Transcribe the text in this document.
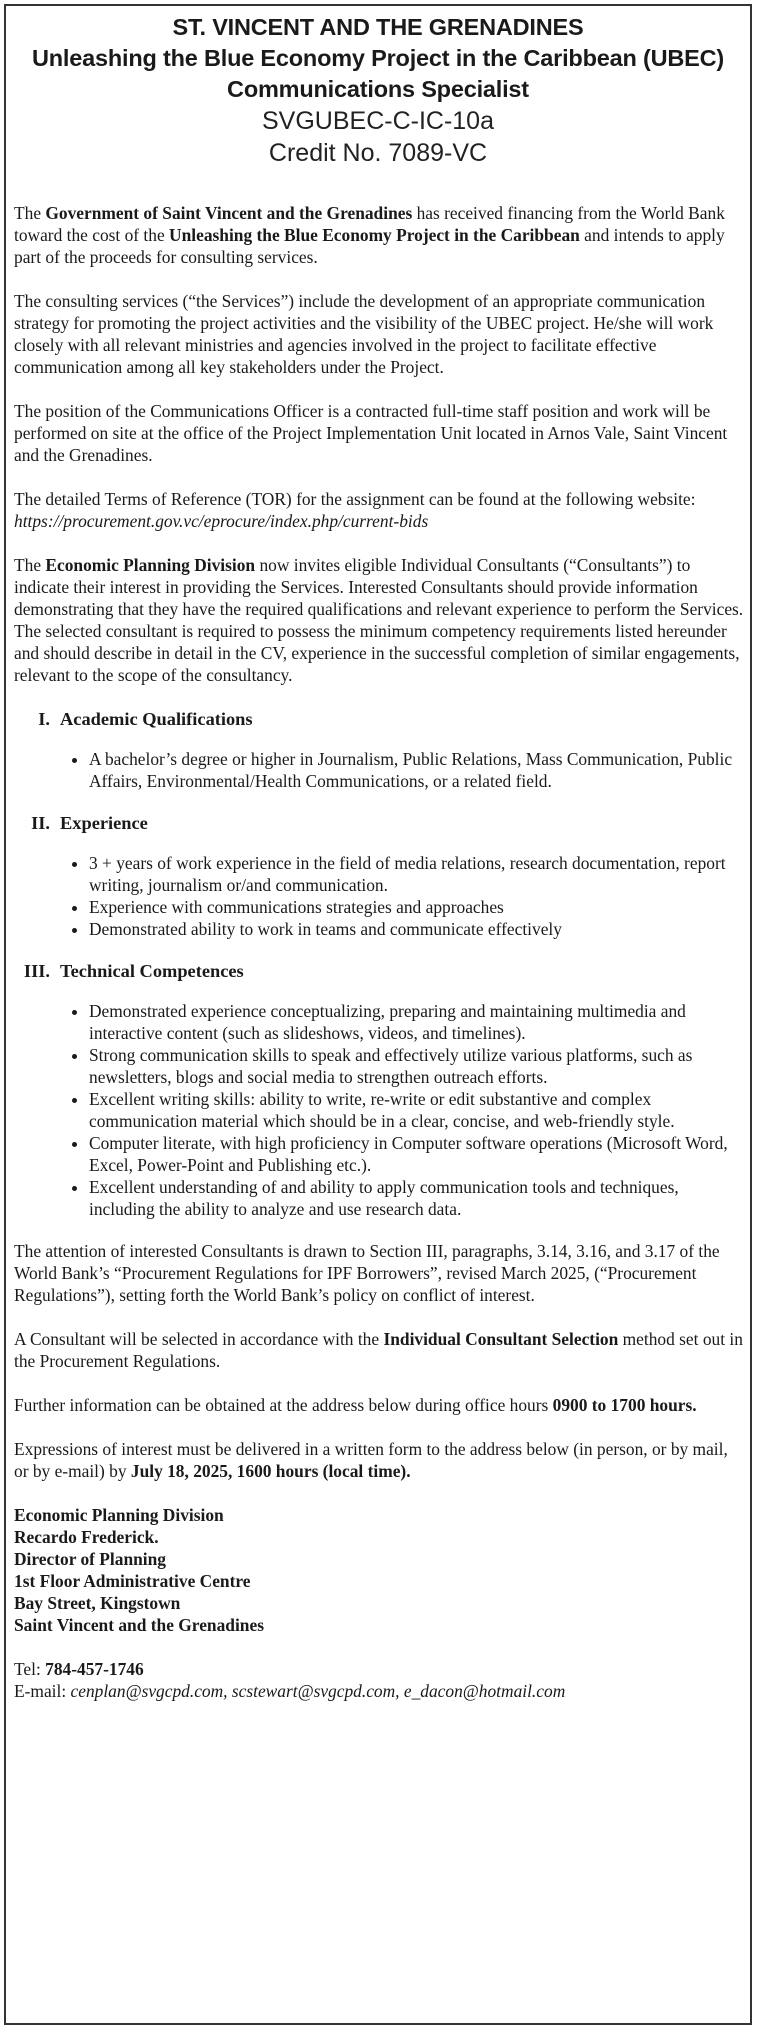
ST. VINCENT AND THE GRENADINES
Unleashing the Blue Economy Project in the Caribbean (UBEC)
Communications Specialist
SVGUBEC-C-IC-10a
Credit No. 7089-VC

The Government of Saint Vincent and the Grenadines has received financing from the World Bank toward the cost of the Unleashing the Blue Economy Project in the Caribbean and intends to apply part of the proceeds for consulting services.

The consulting services (“the Services”) include the development of an appropriate communication strategy for promoting the project activities and the visibility of the UBEC project. He/she will work closely with all relevant ministries and agencies involved in the project to facilitate effective communication among all key stakeholders under the Project.

The position of the Communications Officer is a contracted full-time staff position and work will be performed on site at the office of the Project Implementation Unit located in Arnos Vale, Saint Vincent and the Grenadines.

The detailed Terms of Reference (TOR) for the assignment can be found at the following website: https://procurement.gov.vc/eprocure/index.php/current-bids

The Economic Planning Division now invites eligible Individual Consultants (“Consultants”) to indicate their interest in providing the Services. Interested Consultants should provide information demonstrating that they have the required qualifications and relevant experience to perform the Services. The selected consultant is required to possess the minimum competency requirements listed hereunder and should describe in detail in the CV, experience in the successful completion of similar engagements, relevant to the scope of the consultancy.

I. Academic Qualifications
• A bachelor’s degree or higher in Journalism, Public Relations, Mass Communication, Public Affairs, Environmental/Health Communications, or a related field.
II. Experience
• 3 + years of work experience in the field of media relations, research documentation, report writing, journalism or/and communication.
• Experience with communications strategies and approaches
• Demonstrated ability to work in teams and communicate effectively
III. Technical Competences
• Demonstrated experience conceptualizing, preparing and maintaining multimedia and interactive content (such as slideshows, videos, and timelines).
• Strong communication skills to speak and effectively utilize various platforms, such as newsletters, blogs and social media to strengthen outreach efforts.
• Excellent writing skills: ability to write, re-write or edit substantive and complex communication material which should be in a clear, concise, and web-friendly style.
• Computer literate, with high proficiency in Computer software operations (Microsoft Word, Excel, Power-Point and Publishing etc.).
• Excellent understanding of and ability to apply communication tools and techniques, including the ability to analyze and use research data.

The attention of interested Consultants is drawn to Section III, paragraphs, 3.14, 3.16, and 3.17 of the World Bank’s “Procurement Regulations for IPF Borrowers”, revised March 2025, (“Procurement Regulations”), setting forth the World Bank’s policy on conflict of interest.

A Consultant will be selected in accordance with the Individual Consultant Selection method set out in the Procurement Regulations.

Further information can be obtained at the address below during office hours 0900 to 1700 hours.

Expressions of interest must be delivered in a written form to the address below (in person, or by mail, or by e-mail) by July 18, 2025, 1600 hours (local time).

Economic Planning Division
Recardo Frederick.
Director of Planning
1st Floor Administrative Centre
Bay Street, Kingstown
Saint Vincent and the Grenadines
Tel: 784-457-1746
E-mail: cenplan@svgcpd.com, scstewart@svgcpd.com, e_dacon@hotmail.com
